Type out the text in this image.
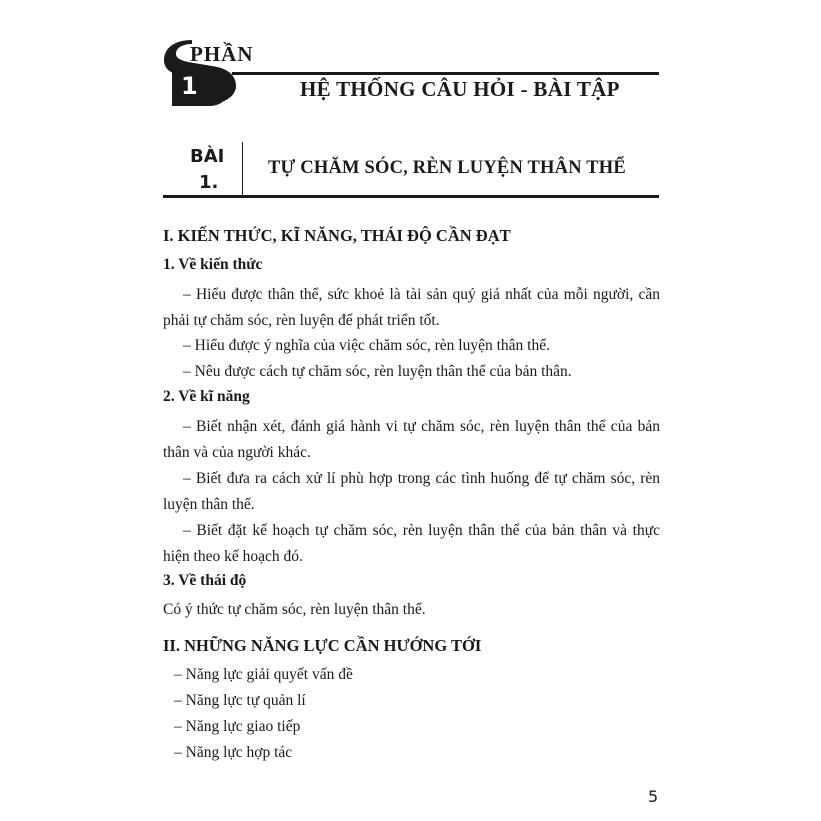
PHẦN
1	HỆ THỐNG CÂU HỎI - BÀI TẬP
BÀI
1.
TỰ CHĂM SÓC, RÈN LUYỆN THÂN THỂ
I. KIẾN THỨC, KĨ NĂNG, THÁI ĐỘ CẦN ĐẠT
1. Về kiến thức
– Hiểu được thân thể, sức khoẻ là tài sản quý giá nhất của mỗi người, cần phải tự chăm sóc, rèn luyện để phát triển tốt.
– Hiểu được ý nghĩa của việc chăm sóc, rèn luyện thân thể.
– Nêu được cách tự chăm sóc, rèn luyện thân thể của bản thân.
2. Về kĩ năng
– Biết nhận xét, đánh giá hành vi tự chăm sóc, rèn luyện thân thể của bản thân và của người khác.
– Biết đưa ra cách xử lí phù hợp trong các tình huống để tự chăm sóc, rèn luyện thân thể.
– Biết đặt kế hoạch tự chăm sóc, rèn luyện thân thể của bản thân và thực hiện theo kế hoạch đó.
3. Về thái độ
Có ý thức tự chăm sóc, rèn luyện thân thể.
II. NHỮNG NĂNG LỰC CẦN HƯỚNG TỚI
– Năng lực giải quyết vấn đề
– Năng lực tự quản lí
– Năng lực giao tiếp
– Năng lực hợp tác
5
